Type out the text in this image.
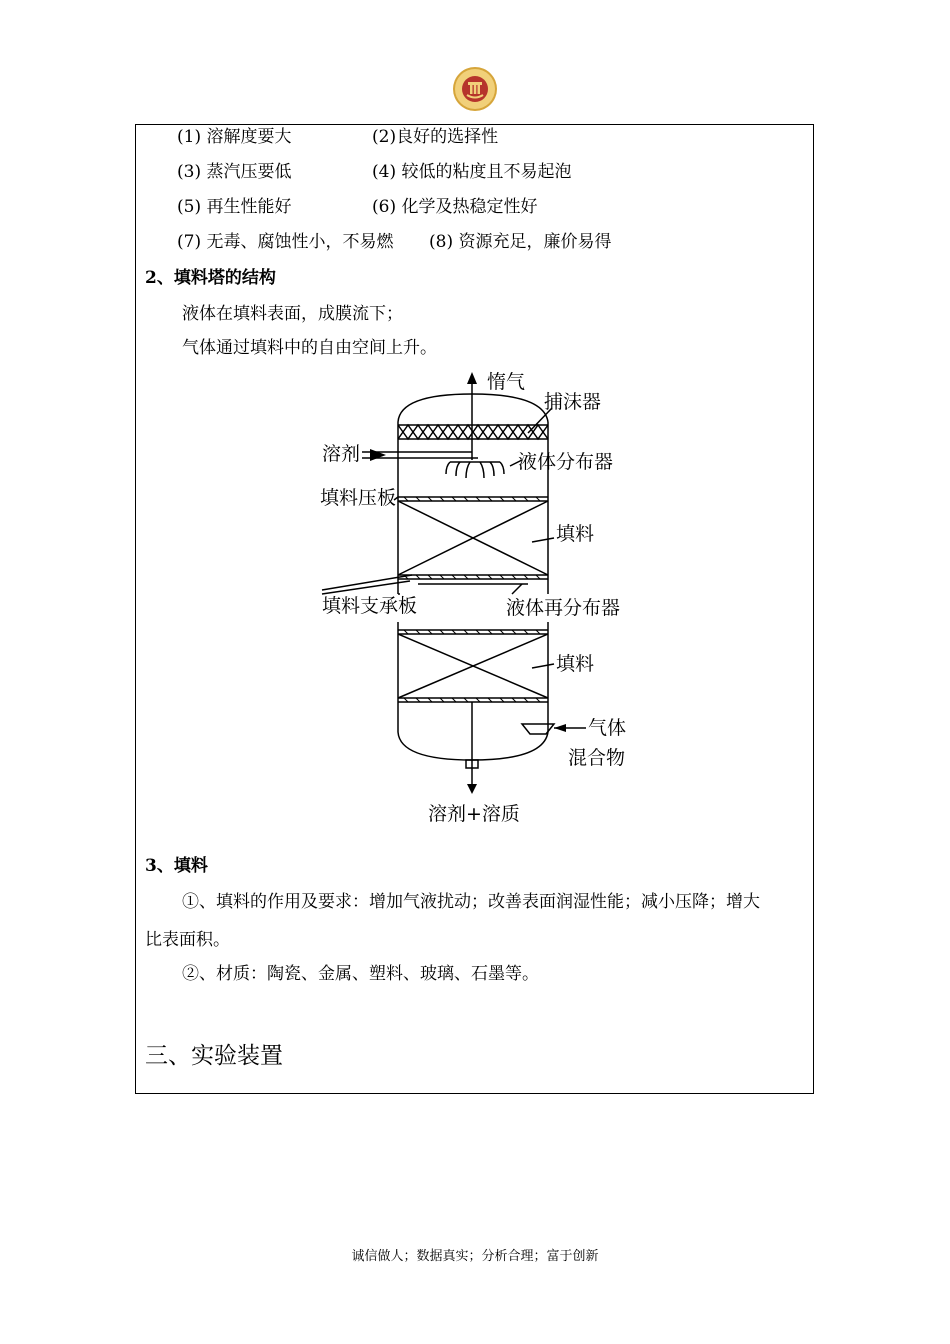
(1) 溶解度要大	(2)良好的选择性
(3) 蒸汽压要低	(4) 较低的粘度且不易起泡
(5) 再生性能好	(6) 化学及热稳定性好
(7) 无毒、腐蚀性小，不易燃 (8) 资源充足，廉价易得
2、填料塔的结构
液体在填料表面，成膜流下；
气体通过填料中的自由空间上升。
惰气
捕沫器
溶剂	液体分布器
填料压板
填料
填料支承板	液体再分布器
填料
气体
混合物
溶剂+溶质
3、填料
①、填料的作用及要求：增加气液扰动；改善表面润湿性能；减小压降；增大
比表面积。
②、材质：陶瓷、金属、塑料、玻璃、石墨等。
三、实验装置
诚信做人；数据真实；分析合理；富于创新
